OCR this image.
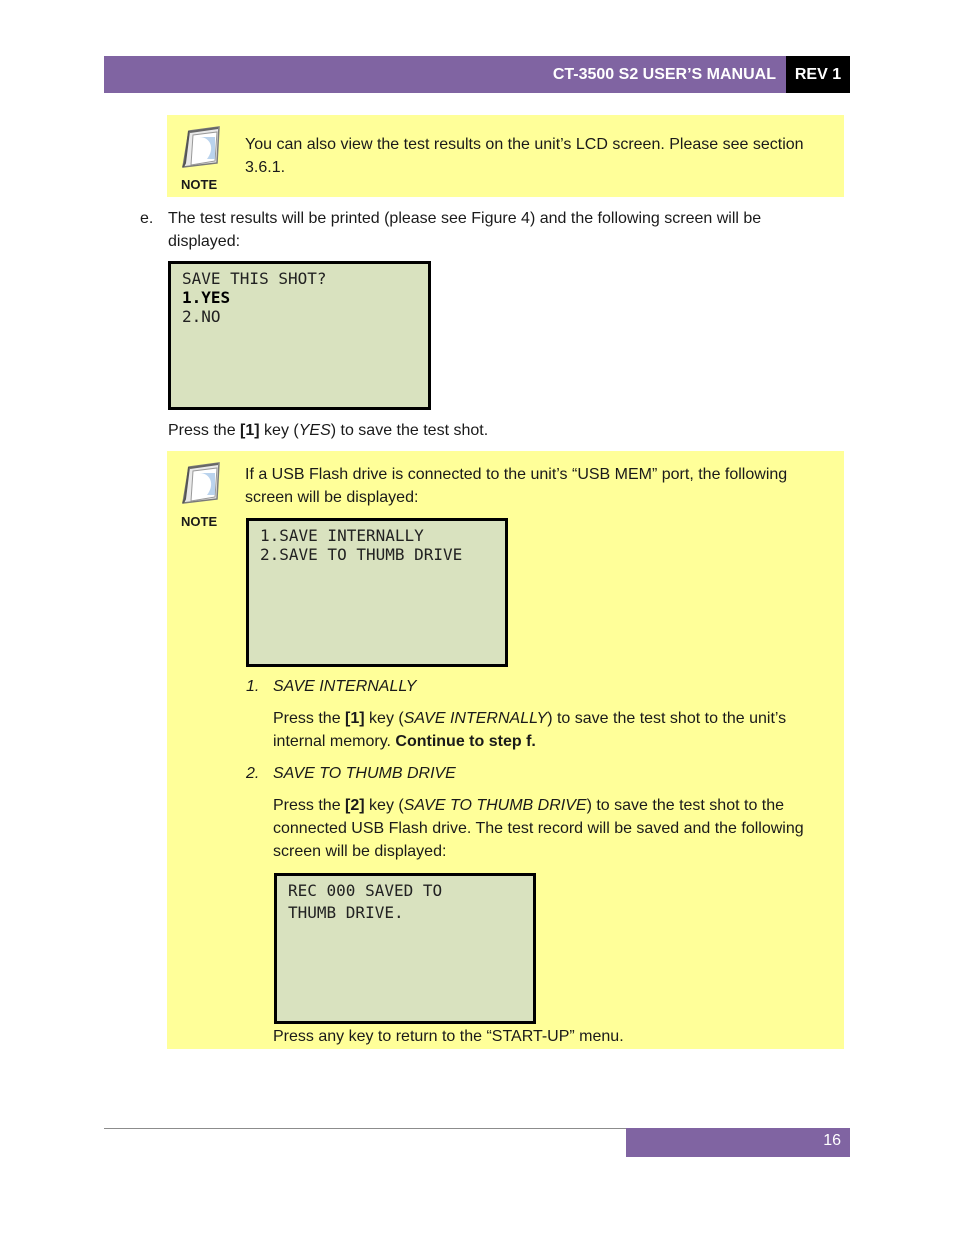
CT-3500 S2 USER’S MANUAL	REV 1
NOTE
You can also view the test results on the unit’s LCD screen. Please see section
3.6.1.
e. The test results will be printed (please see Figure 4) and the following screen will be
displayed:
SAVE THIS SHOT?
1.YES
2.NO
Press the [1] key (YES) to save the test shot.
NOTE
If a USB Flash drive is connected to the unit’s “USB MEM” port, the following
screen will be displayed:
1.SAVE INTERNALLY
2.SAVE TO THUMB DRIVE
1. SAVE INTERNALLY
Press the [1] key (SAVE INTERNALLY) to save the test shot to the unit’s
internal memory. Continue to step f.
2. SAVE TO THUMB DRIVE
Press the [2] key (SAVE TO THUMB DRIVE) to save the test shot to the
connected USB Flash drive. The test record will be saved and the following
screen will be displayed:
REC 000 SAVED TO
THUMB DRIVE.
Press any key to return to the “START-UP” menu.
16
